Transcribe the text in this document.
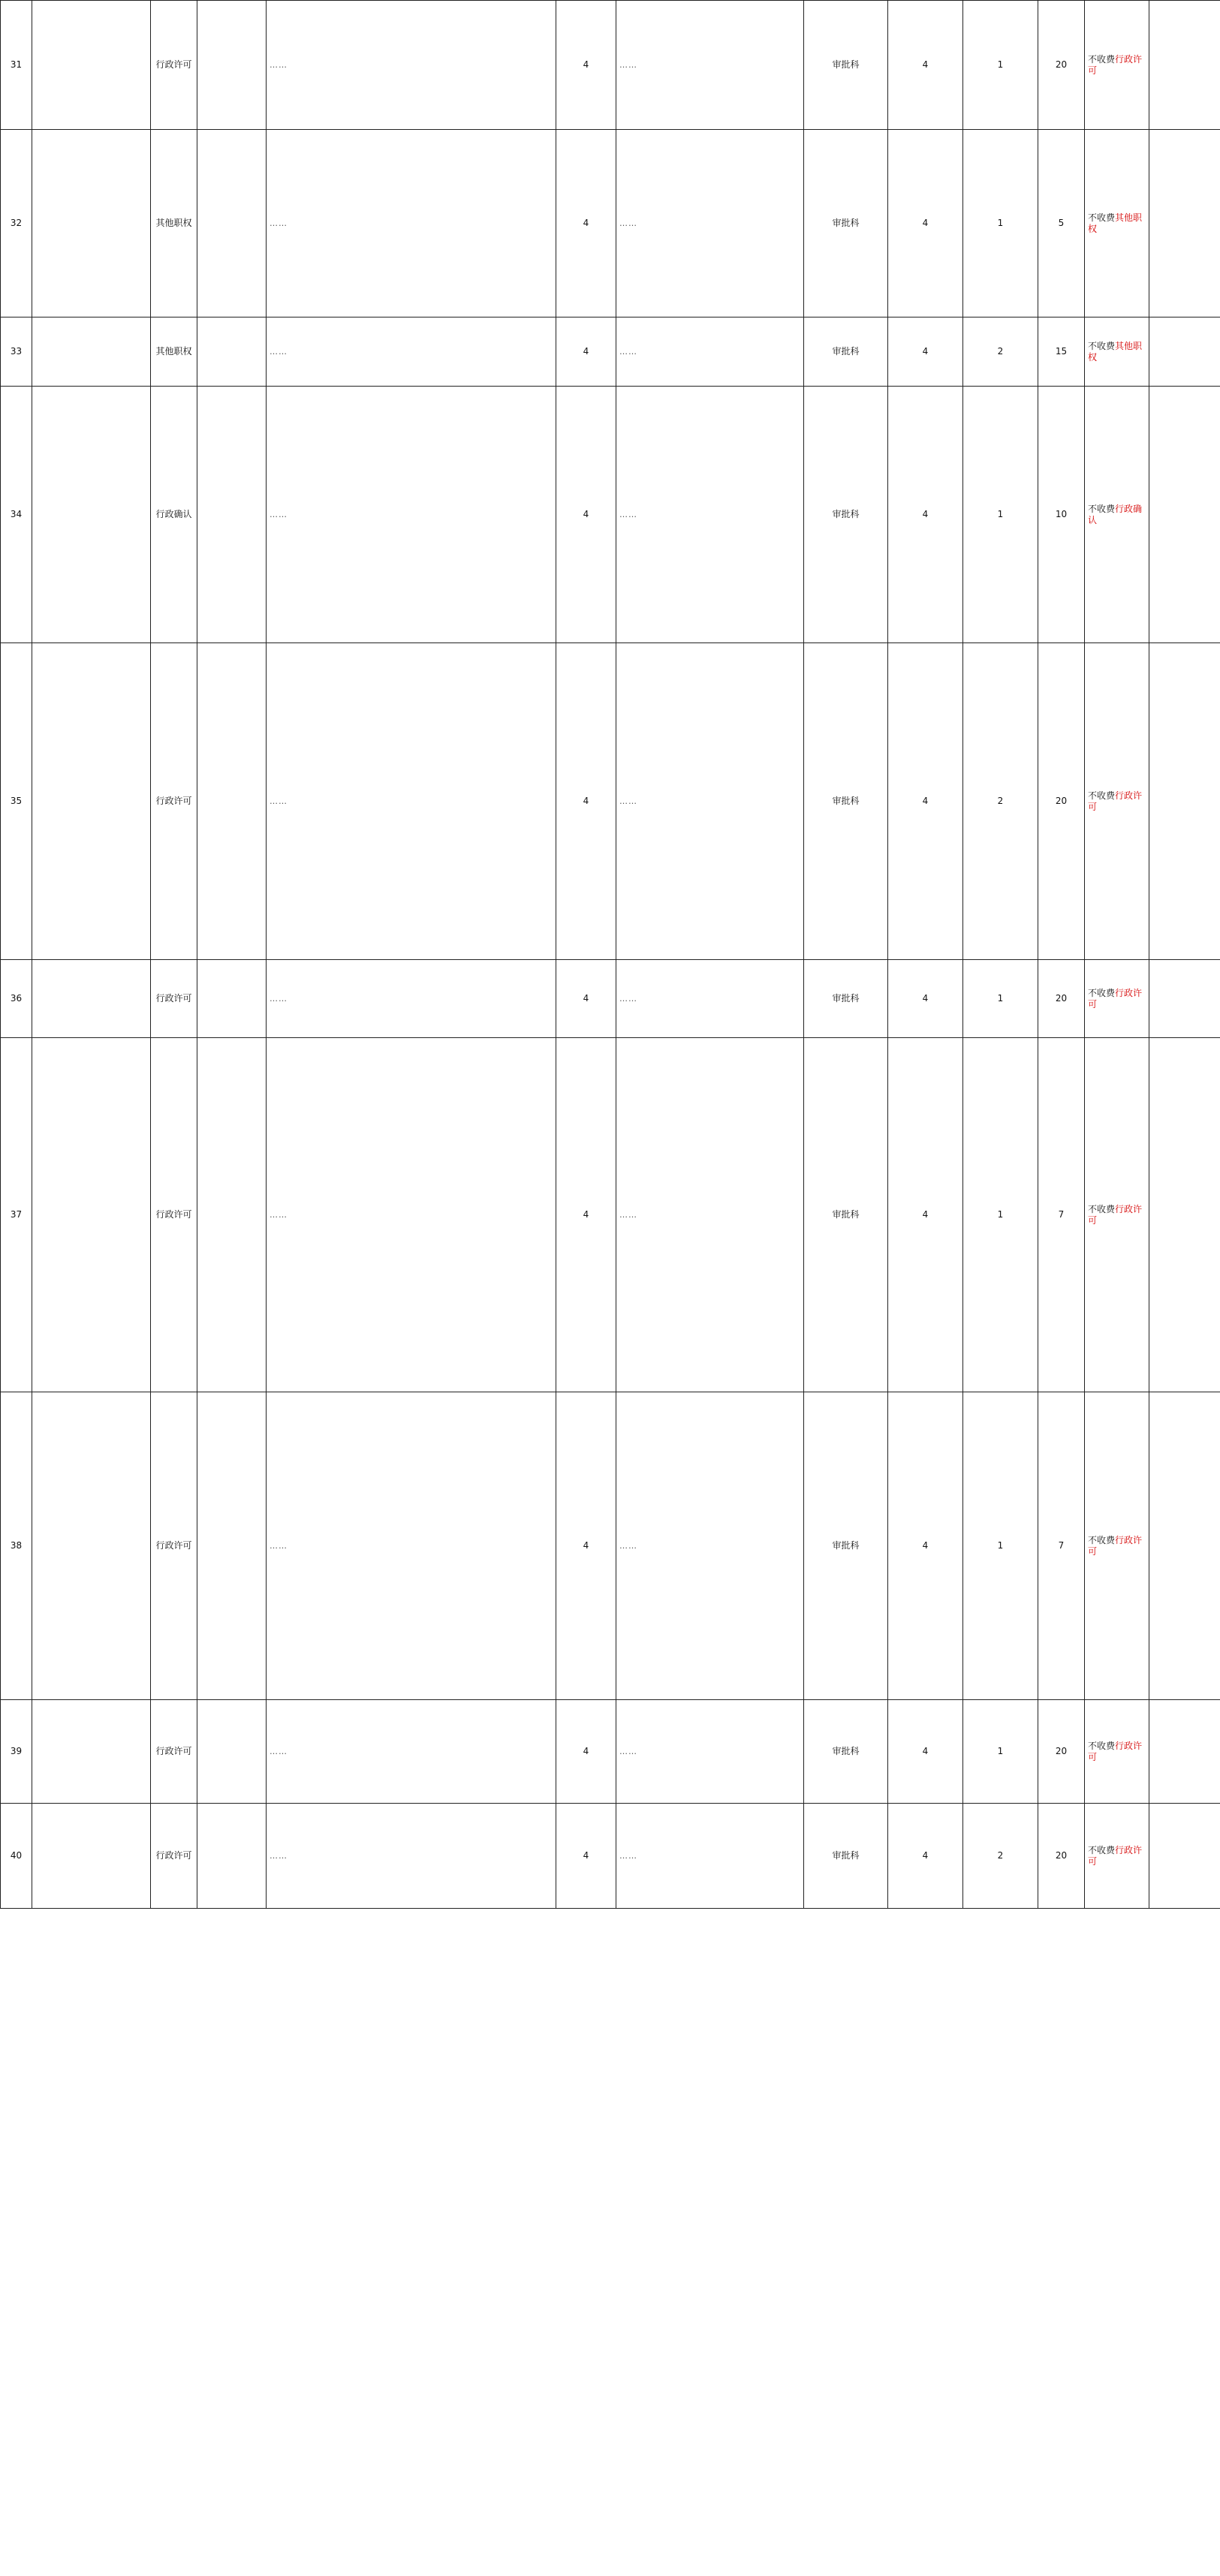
31		行政许可		……	4	……	审批科	4	1	20	不收费行政许可	
32		其他职权		……	4	……	审批科	4	1	5	不收费其他职权	
33		其他职权		……	4	……	审批科	4	2	15	不收费其他职权	
34		行政确认		……	4	……	审批科	4	1	10	不收费行政确认	
35		行政许可		……	4	……	审批科	4	2	20	不收费行政许可	
36		行政许可		……	4	……	审批科	4	1	20	不收费行政许可	
37		行政许可		……	4	……	审批科	4	1	7	不收费行政许可	
38		行政许可		……	4	……	审批科	4	1	7	不收费行政许可	
39		行政许可		……	4	……	审批科	4	1	20	不收费行政许可	
40		行政许可		……	4	……	审批科	4	2	20	不收费行政许可	
